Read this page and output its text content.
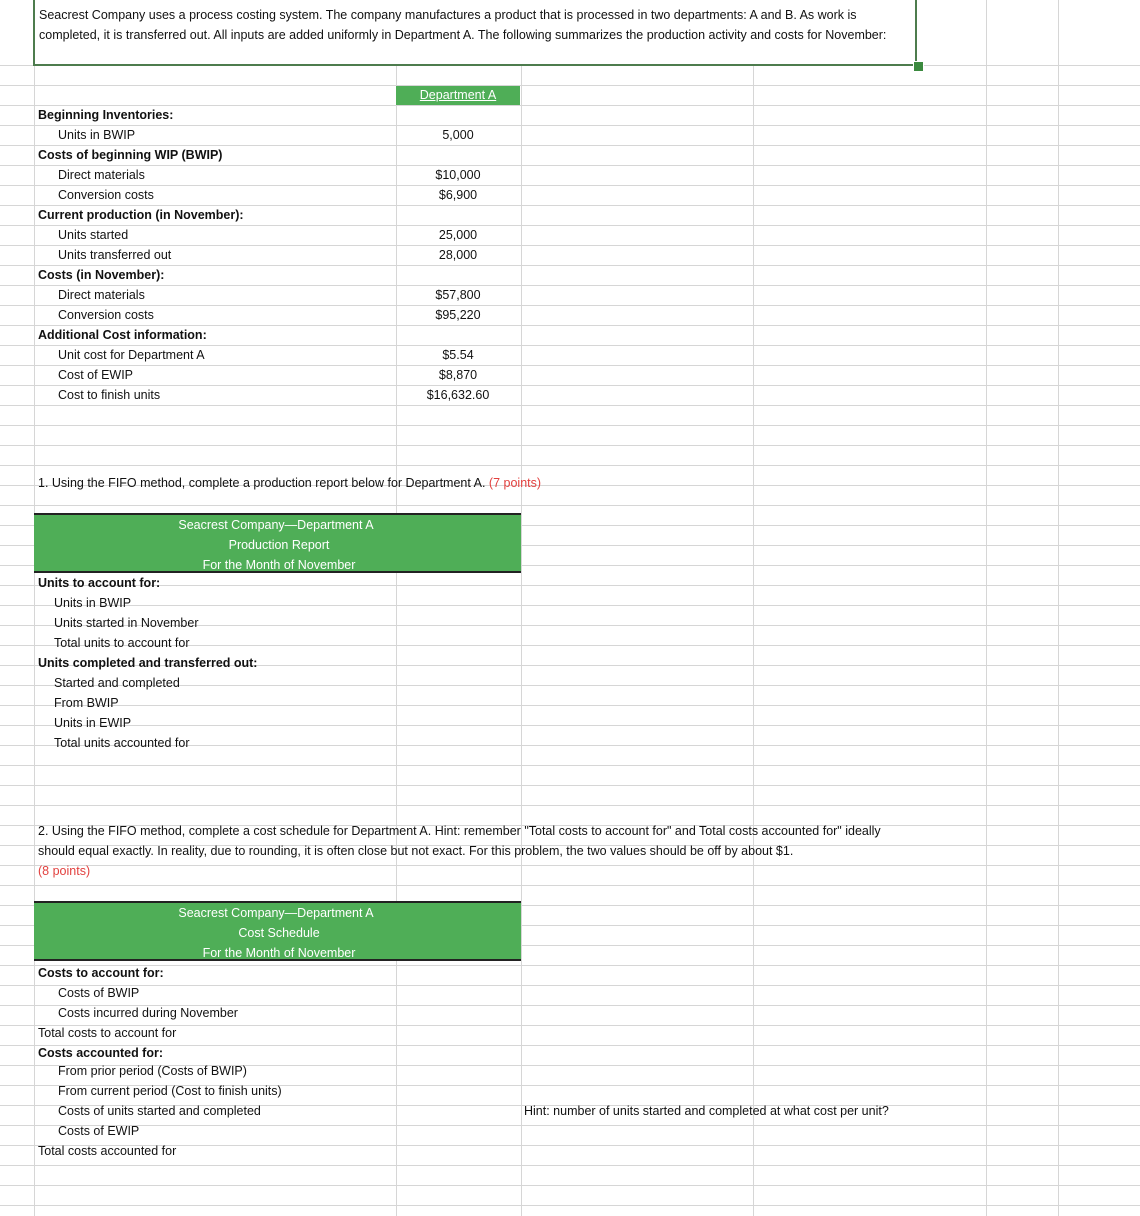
Seacrest Company uses a process costing system. The company manufactures a product that is processed in two departments: A and B. As work is completed, it is transferred out. All inputs are added uniformly in Department A. The following summarizes the production activity and costs for November:
Department A
Beginning Inventories:
Units in BWIP	5,000
Costs of beginning WIP (BWIP)
Direct materials	$10,000
Conversion costs	$6,900
Current production (in November):
Units started	25,000
Units transferred out	28,000
Costs (in November):
Direct materials	$57,800
Conversion costs	$95,220
Additional Cost information:
Unit cost for Department A	$5.54
Cost of EWIP	$8,870
Cost to finish units	$16,632.60
1. Using the FIFO method, complete a production report below for Department A. (7 points)
Seacrest Company—Department A
Production Report
For the Month of November
Units to account for:
Units in BWIP
Units started in November
Total units to account for
Units completed and transferred out:
Started and completed
From BWIP
Units in EWIP
Total units accounted for
2. Using the FIFO method, complete a cost schedule for Department A. Hint: remember "Total costs to account for" and Total costs accounted for" ideally should equal exactly. In reality, due to rounding, it is often close but not exact. For this problem, the two values should be off by about $1.
(8 points)
Seacrest Company—Department A
Cost Schedule
For the Month of November
Costs to account for:
Costs of BWIP
Costs incurred during November
Total costs to account for
Costs accounted for:
From prior period (Costs of BWIP)
From current period (Cost to finish units)
Costs of units started and completed	Hint: number of units started and completed at what cost per unit?
Costs of EWIP
Total costs accounted for
